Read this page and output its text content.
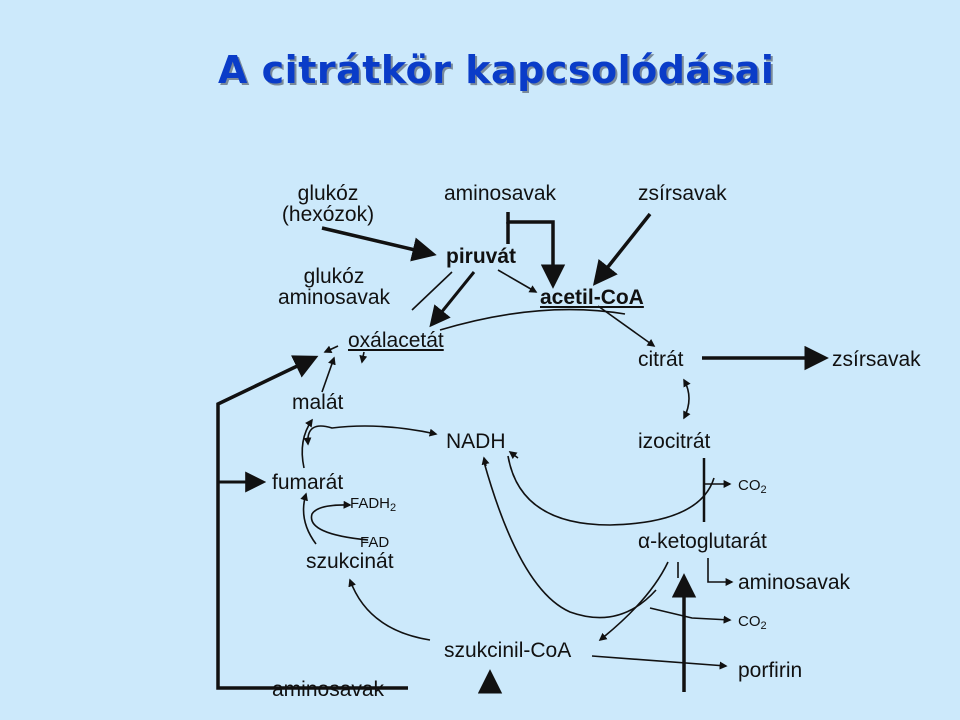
A citrátkör kapcsolódásai
glukóz
(hexózok)
aminosavak	zsírsavak
piruvát
glukóz
aminosavak	acetil-CoA
oxálacetát
citrát	zsírsavak
malát
NADH	izocitrát
fumarát
$FADH_2$
$CO_2$
FAD
szukcinát
α-ketoglutarát
aminosavak
$CO_2$
szukcinil-CoA
porfirin
aminosavak
